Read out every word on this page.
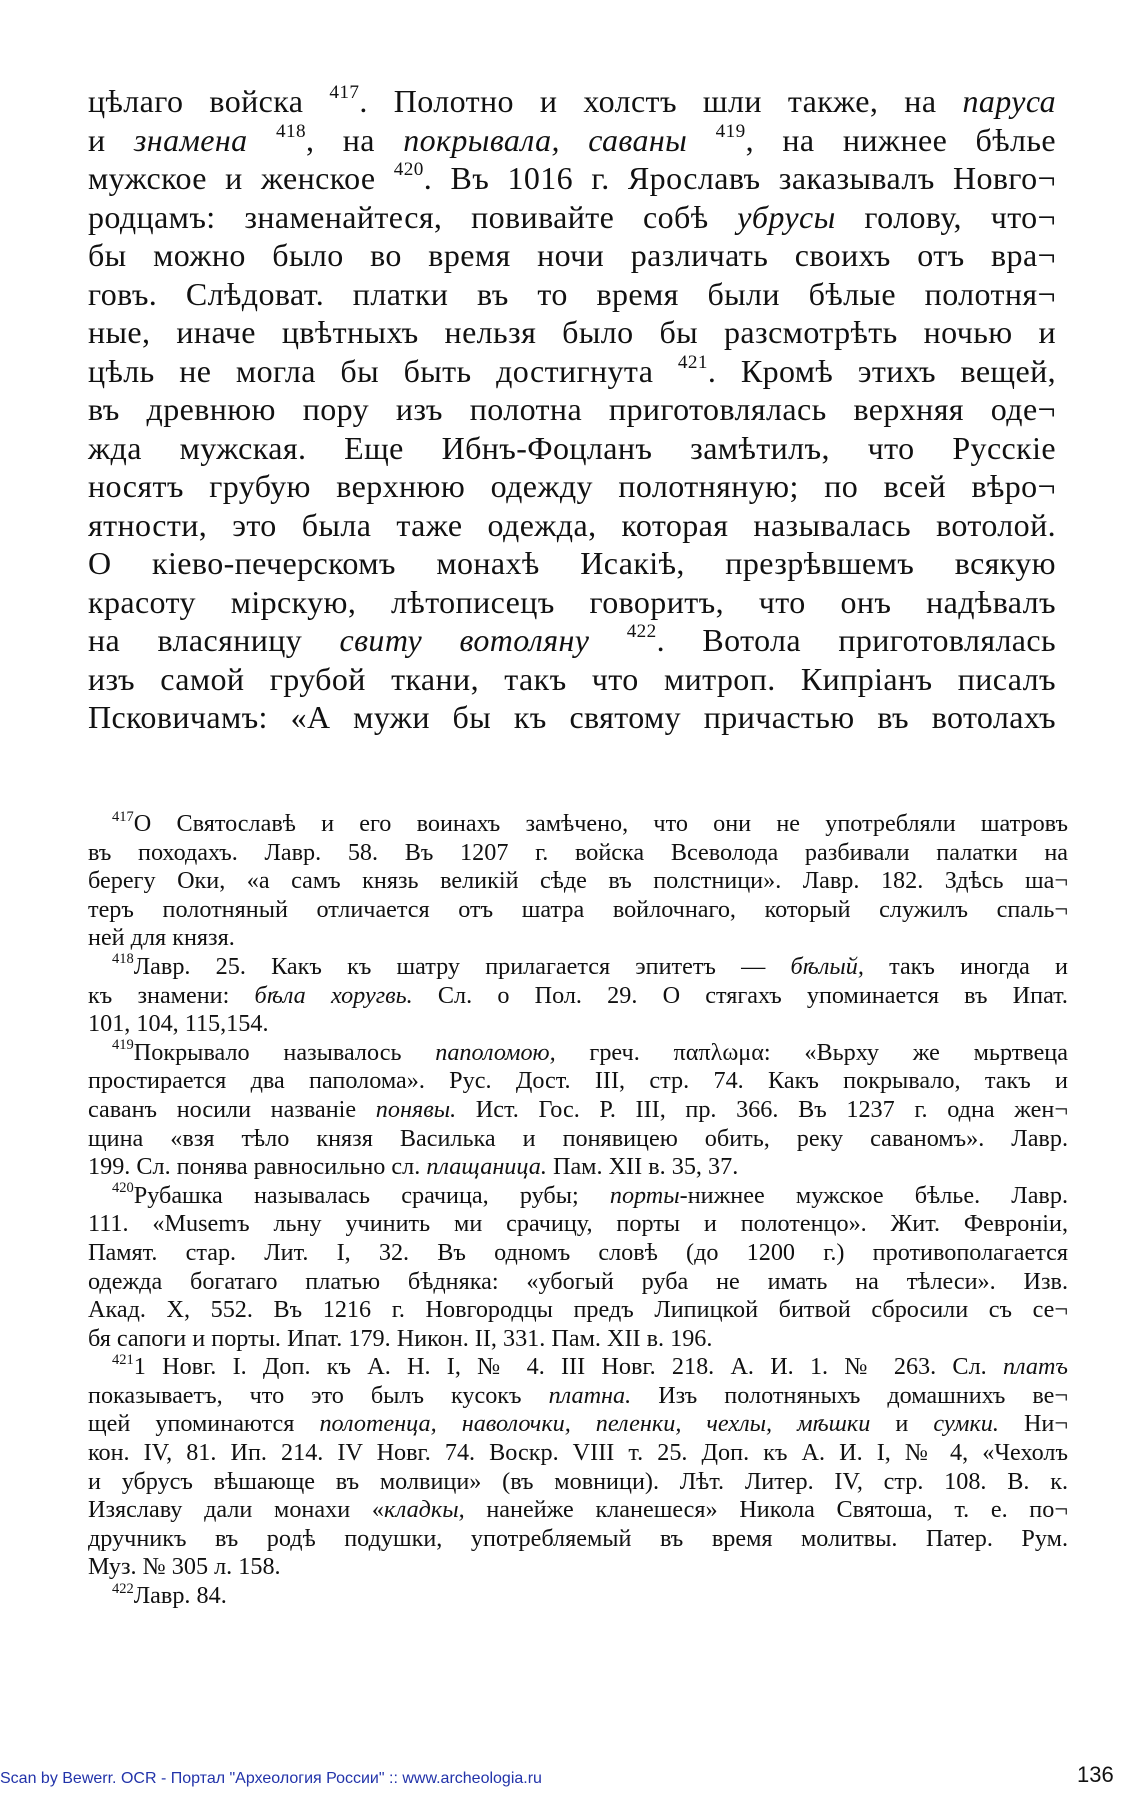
цѣлаго войска $^{417}$. Полотно и холстъ шли также, на паруса
и знамена $^{418}$, на покрывала, саваны $^{419}$, на нижнее бѣлье
мужское и женское $^{420}$. Въ 1016 г. Ярославъ заказывалъ Новго¬
родцамъ: знаменайтеся, повивайте собѣ убрусы голову, что¬
бы можно было во время ночи различать своихъ отъ вра¬
говъ. Слѣдоват. платки въ то время были бѣлые полотня¬
ные, иначе цвѣтныхъ нельзя было бы разсмотрѣть ночью и
цѣль не могла бы быть достигнута $^{421}$. Кромѣ этихъ вещей,
въ древнюю пору изъ полотна приготовлялась верхняя оде¬
жда мужская. Еще Ибнъ-Фоцланъ замѣтилъ, что Русскіе
носятъ грубую верхнюю одежду полотняную; по всей вѣро¬
ятности, это была таже одежда, которая называлась вотолой.
О кіево-печерскомъ монахѣ Исакіѣ, презрѣвшемъ всякую
красоту мірскую, лѣтописецъ говоритъ, что онъ надѣвалъ
на власяницу свиту вотоляну $^{422}$. Вотола приготовлялась
изъ самой грубой ткани, такъ что митроп. Кипріанъ писалъ
Псковичамъ: «А мужи бы къ святому причастью въ вотолахъ
$^{417}$О Святославѣ и его воинахъ замѣчено, что они не употребляли шатровъ
въ походахъ. Лавр. 58. Въ 1207 г. войска Всеволода разбивали палатки на
берегу Оки, «а самъ князь великій сѣде въ полстници». Лавр. 182. Здѣсь ша¬
теръ полотняный отличается отъ шатра войлочнаго, который служилъ спаль¬
ней для князя.
$^{418}$Лавр. 25. Какъ къ шатру прилагается эпитетъ — бѣлый, такъ иногда и
къ знамени: бѣла хоругвь. Сл. о Пол. 29. О стягахъ упоминается въ Ипат.
101, 104, 115,154.
$^{419}$Покрывало называлось паполомою, греч. παπλωμα: «Вьрху же мьртвеца
простирается два паполома». Рус. Дост. III, стр. 74. Какъ покрывало, такъ и
саванъ носили названіе понявы. Ист. Гос. Р. III, пр. 366. Въ 1237 г. одна жен¬
щина «взя тѣло князя Василька и понявицею обить, реку саваномъ». Лавр.
199. Сл. понява равносильно сл. плащаница. Пам. XII в. 35, 37.
$^{420}$Рубашка называлась срачица, рубы; порты-нижнее мужское бѣлье. Лавр.
111. «Musemъ льну учинить ми срачицу, порты и полотенцо». Жит. Февроніи,
Памят. стар. Лит. I, 32. Въ одномъ словѣ (до 1200 г.) противополагается
одежда богатаго платью бѣдняка: «убогый руба не имать на тѣлеси». Изв.
Акад. X, 552. Въ 1216 г. Новгородцы предъ Липицкой битвой сбросили съ се¬
бя сапоги и порты. Ипат. 179. Никон. II, 331. Пам. XII в. 196.
$^{421}$1 Новг. I. Доп. къ А. Н. I, № 4. III Новг. 218. А. И. 1. № 263. Сл. платъ
показываетъ, что это былъ кусокъ платна. Изъ полотняныхъ домашнихъ ве¬
щей упоминаются полотенца, наволочки, пеленки, чехлы, мѣшки и сумки. Ни¬
кон. IV, 81. Ип. 214. IV Новг. 74. Воскр. VIII т. 25. Доп. къ А. И. I, № 4, «Чехолъ
и убрусъ вѣшающе въ молвици» (въ мовници). Лѣт. Литер. IV, стр. 108. В. к.
Изяславу дали монахи «кладкы, нанейже кланешеся» Никола Святоша, т. е. по¬
дручникъ въ родѣ подушки, употребляемый въ время молитвы. Патер. Рум.
Муз. № 305 л. 158.
$^{422}$Лавр. 84.
Scan by Bewerr. OCR - Портал "Археология России" :: www.archeologia.ru	136
